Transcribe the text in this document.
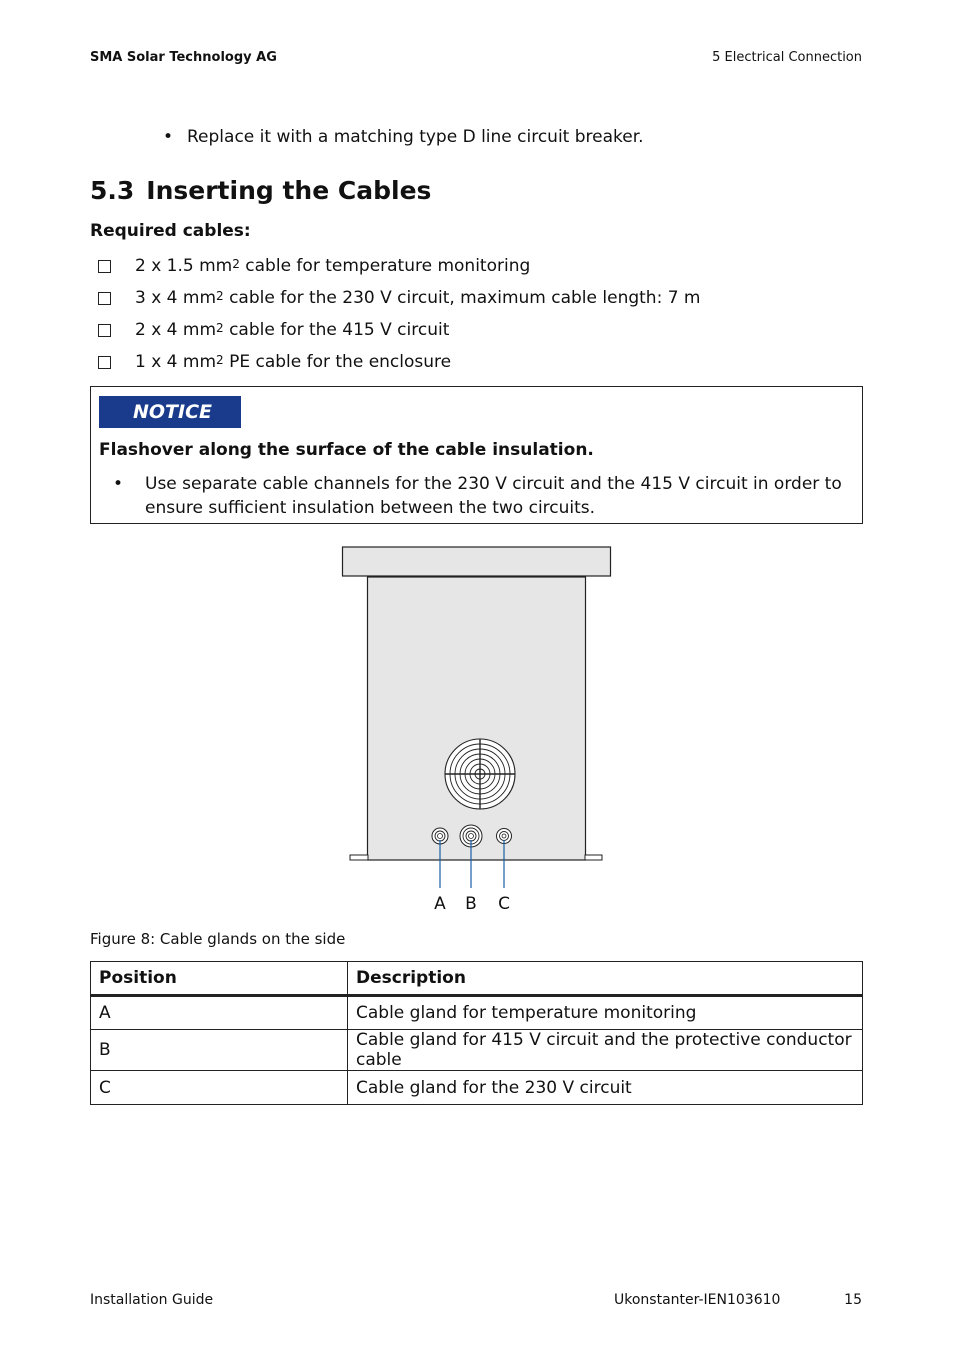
SMA Solar Technology AG	5 Electrical Connection
• Replace it with a matching type D line circuit breaker.
5.3 Inserting the Cables
Required cables:
2 x 1.5 $mm^2$ cable for temperature monitoring
3 x 4 $mm^2$ cable for the 230 V circuit, maximum cable length: 7 m
2 x 4 $mm^2$ cable for the 415 V circuit
1 x 4 $mm^2$ PE cable for the enclosure
NOTICE
Flashover along the surface of the cable insulation.
•	Use separate cable channels for the 230 V circuit and the 415 V circuit in order to ensure sufficient insulation between the two circuits.
A B C
Figure 8: Cable glands on the side
Position	Description
A	Cable gland for temperature monitoring
B	Cable gland for 415 V circuit and the protective conductor cable
C	Cable gland for the 230 V circuit
Installation Guide	Ukonstanter-IEN103610	15
